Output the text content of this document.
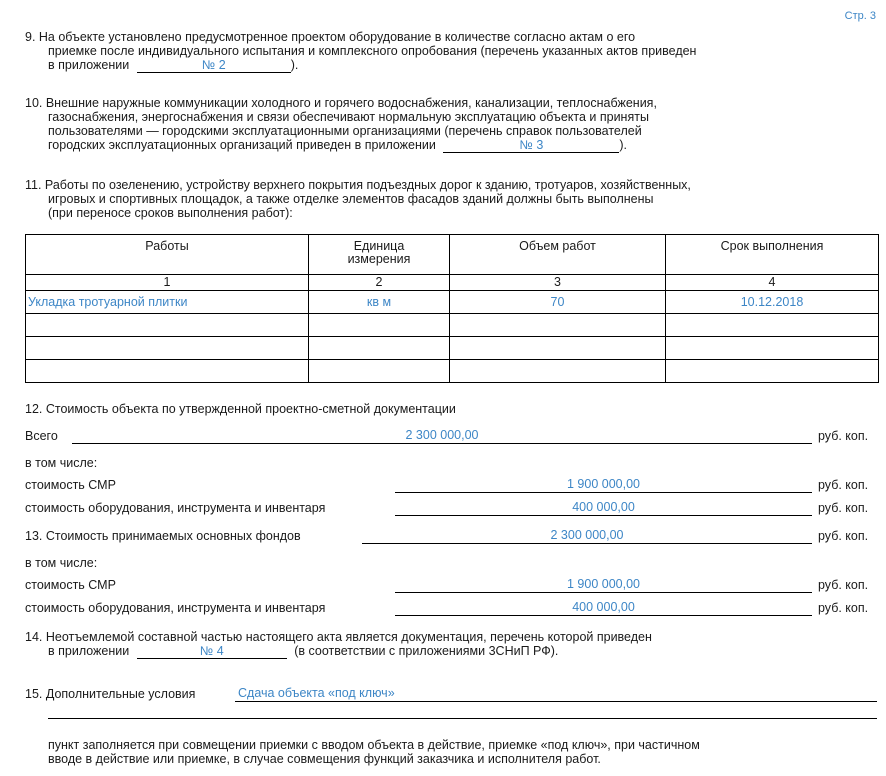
Стр. 3
9. На объекте установлено предусмотренное проектом оборудование в количестве согласно актам о его
приемке после индивидуального испытания и комплексного опробования (перечень указанных актов приведен
в приложении	№ 2	).
10. Внешние наружные коммуникации холодного и горячего водоснабжения, канализации, теплоснабжения,
газоснабжения, энергоснабжения и связи обеспечивают нормальную эксплуатацию объекта и приняты
пользователями — городскими эксплуатационными организациями (перечень справок пользователей
городских эксплуатационных организаций приведен в приложении	№ 3	).
11. Работы по озеленению, устройству верхнего покрытия подъездных дорог к зданию, тротуаров, хозяйственных,
игровых и спортивных площадок, а также отделке элементов фасадов зданий должны быть выполнены
(при переносе сроков выполнения работ):
Работы	Единица
измерения	Объем работ	Срок выполнения
1	2	3	4
Укладка тротуарной плитки	кв м	70	10.12.2018

12. Стоимость объекта по утвержденной проектно-сметной документации
Всего	2 300 000,00	руб. коп.
в том числе:
стоимость СМР	1 900 000,00	руб. коп.
стоимость оборудования, инструмента и инвентаря	400 000,00	руб. коп.
13. Стоимость принимаемых основных фондов	2 300 000,00	руб. коп.
в том числе:
стоимость СМР	1 900 000,00	руб. коп.
стоимость оборудования, инструмента и инвентаря	400 000,00	руб. коп.
14. Неотъемлемой составной частью настоящего акта является документация, перечень которой приведен
в приложении	№ 4	(в соответствии с приложениями 3СНиП РФ).
15. Дополнительные условия	Сдача объекта «под ключ»
пункт заполняется при совмещении приемки с вводом объекта в действие, приемке «под ключ», при частичном
вводе в действие или приемке, в случае совмещения функций заказчика и исполнителя работ.
